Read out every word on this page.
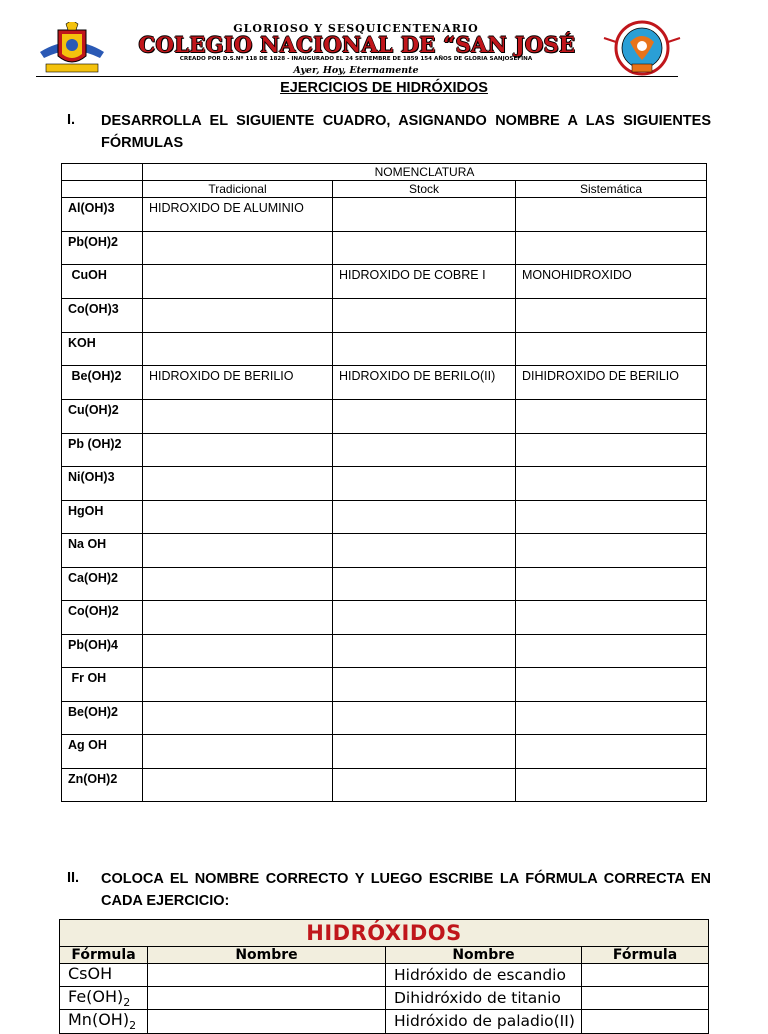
GLORIOSO Y SESQUICENTENARIO
COLEGIO NACIONAL DE “SAN JOSÉ
CREADO POR D.S.Nº 118 DE 1828 - INAUGURADO EL 24 SETIEMBRE DE 1859 154 AÑOS DE GLORIA SANJOSEFINA
Ayer, Hoy, Eternamente
EJERCICIOS DE HIDRÓXIDOS
I. DESARROLLA EL SIGUIENTE CUADRO, ASIGNANDO NOMBRE A LAS SIGUIENTES
FÓRMULAS
	NOMENCLATURA		
	Tradicional	Stock	Sistemática
Al(OH)3	HIDROXIDO DE ALUMINIO		
Pb(OH)2			
CuOH		HIDROXIDO DE COBRE I	MONOHIDROXIDO
Co(OH)3			
KOH			
Be(OH)2	HIDROXIDO DE BERILIO	HIDROXIDO DE BERILO(II)	DIHIDROXIDO DE BERILIO
Cu(OH)2			
Pb (OH)2			
Ni(OH)3			
HgOH			
Na OH			
Ca(OH)2			
Co(OH)2			
Pb(OH)4			
Fr OH			
Be(OH)2			
Ag OH			
Zn(OH)2			
II. COLOCA EL NOMBRE CORRECTO Y LUEGO ESCRIBE LA FÓRMULA CORRECTA EN
CADA EJERCICIO:
HIDRÓXIDOS			
Fórmula	Nombre	Nombre	Fórmula
CsOH		Hidróxido de escandio	
$Fe(OH)_2$		Dihidróxido de titanio	
$Mn(OH)_2$		Hidróxido de paladio(II)	
